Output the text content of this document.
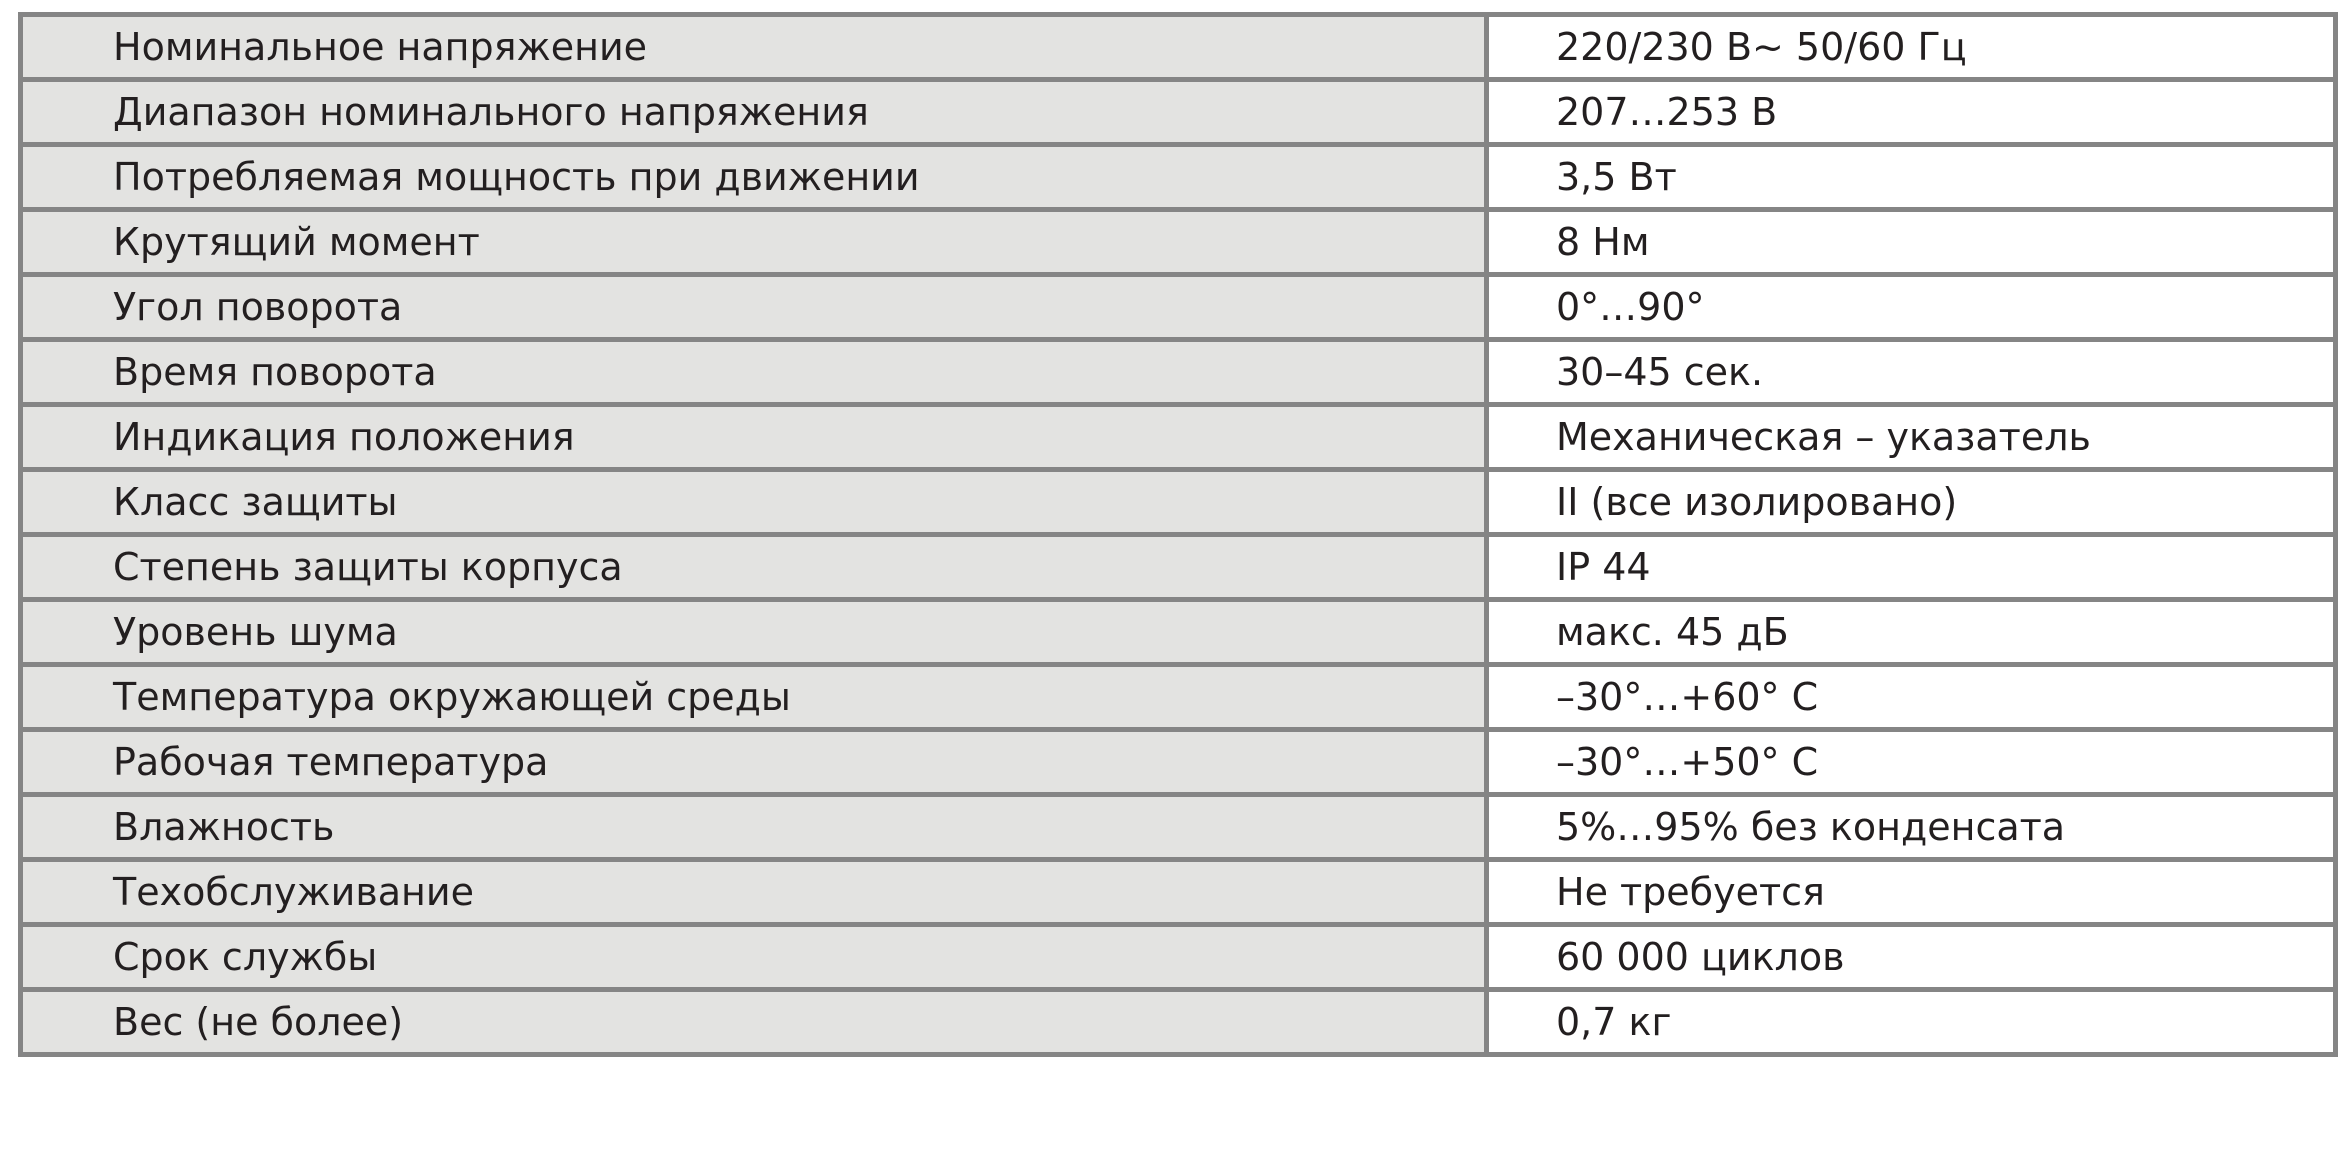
Номинальное напряжение	220/230 В~ 50/60 Гц
Диапазон номинального напряжения	207…253 В
Потребляемая мощность при движении	3,5 Вт
Крутящий момент	8 Нм
Угол поворота	0°…90°
Время поворота	30–45 сек.
Индикация положения	Механическая – указатель
Класс защиты	II (все изолировано)
Степень защиты корпуса	IP 44
Уровень шума	макс. 45 дБ
Температура окружающей среды	–30°…+60° C
Рабочая температура	–30°…+50° C
Влажность	5%…95% без конденсата
Техобслуживание	Не требуется
Срок службы	60 000 циклов
Вес (не более)	0,7 кг
